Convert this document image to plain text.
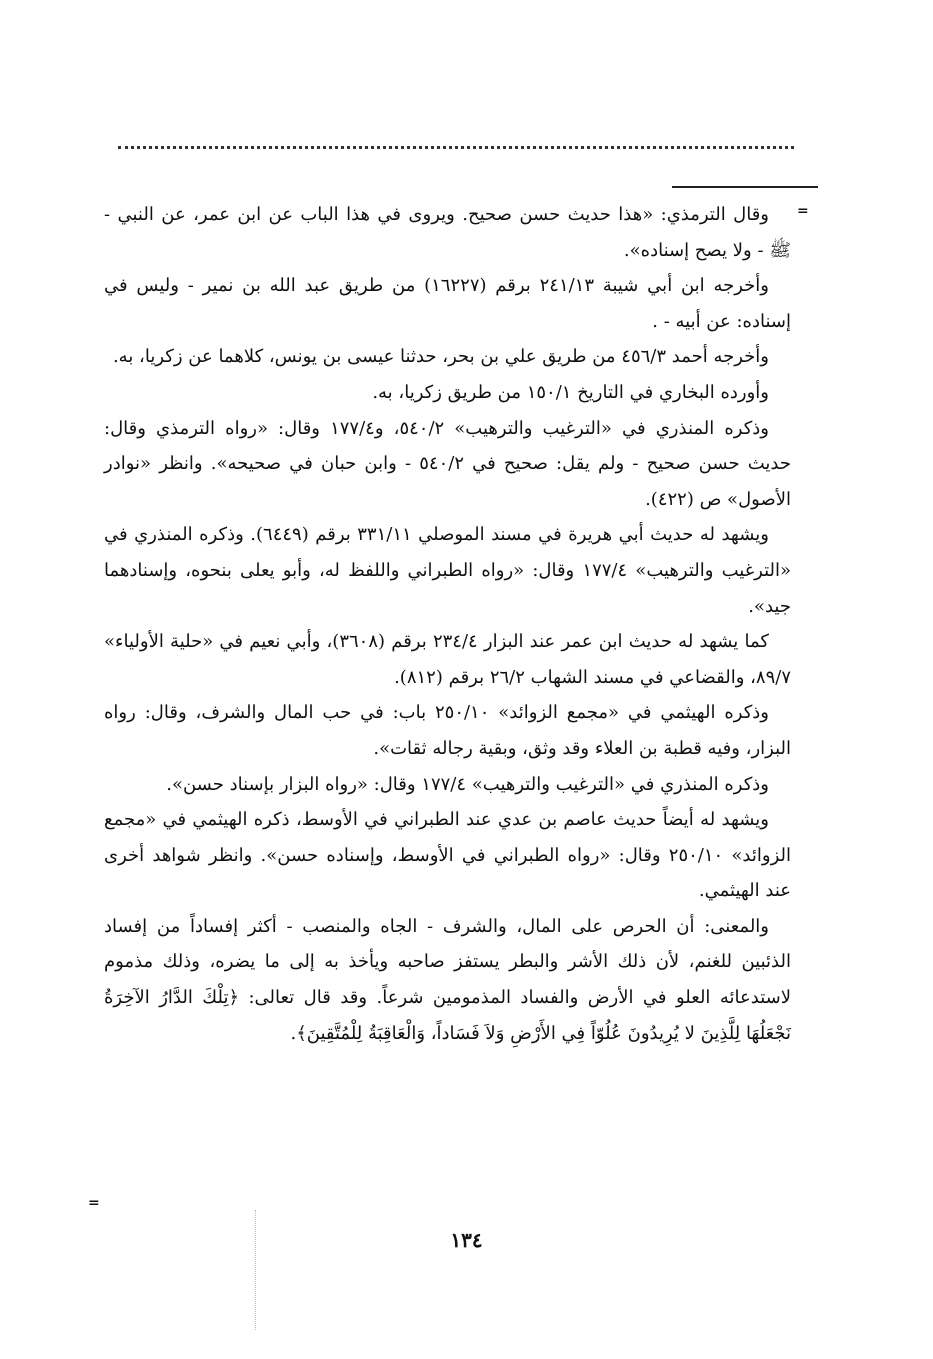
=

وقال الترمذي: «هذا حديث حسن صحيح. ويروى في هذا الباب عن ابن عمر، عن النبي - ﷺ - ولا يصح إسناده».

وأخرجه ابن أبي شيبة ٢٤١/١٣ برقم (١٦٢٢٧) من طريق عبد الله بن نمير - وليس في إسناده: عن أبيه - .

وأخرجه أحمد ٤٥٦/٣ من طريق علي بن بحر، حدثنا عيسى بن يونس، كلاهما عن زكريا، به.

وأورده البخاري في التاريخ ١٥٠/١ من طريق زكريا، به.

وذكره المنذري في «الترغيب والترهيب» ٥٤٠/٢، و١٧٧/٤ وقال: «رواه الترمذي وقال: حديث حسن صحيح - ولم يقل: صحيح في ٥٤٠/٢ - وابن حبان في صحيحه». وانظر «نوادر الأصول» ص (٤٢٢).

ويشهد له حديث أبي هريرة في مسند الموصلي ٣٣١/١١ برقم (٦٤٤٩). وذكره المنذري في «الترغيب والترهيب» ١٧٧/٤ وقال: «رواه الطبراني واللفظ له، وأبو يعلى بنحوه، وإسنادهما جيد».

كما يشهد له حديث ابن عمر عند البزار ٢٣٤/٤ برقم (٣٦٠٨)، وأبي نعيم في «حلية الأولياء» ٨٩/٧، والقضاعي في مسند الشهاب ٢٦/٢ برقم (٨١٢).

وذكره الهيثمي في «مجمع الزوائد» ٢٥٠/١٠ باب: في حب المال والشرف، وقال: رواه البزار، وفيه قطبة بن العلاء وقد وثق، وبقية رجاله ثقات».

وذكره المنذري في «الترغيب والترهيب» ١٧٧/٤ وقال: «رواه البزار بإسناد حسن».

ويشهد له أيضاً حديث عاصم بن عدي عند الطبراني في الأوسط، ذكره الهيثمي في «مجمع الزوائد» ٢٥٠/١٠ وقال: «رواه الطبراني في الأوسط، وإسناده حسن». وانظر شواهد أخرى عند الهيثمي.

والمعنى: أن الحرص على المال، والشرف - الجاه والمنصب - أكثر إفساداً من إفساد الذئبين للغنم، لأن ذلك الأشر والبطر يستفز صاحبه ويأخذ به إلى ما يضره، وذلك مذموم لاستدعائه العلو في الأرض والفساد المذمومين شرعاً. وقد قال تعالى: ﴿تِلْكَ الدَّارُ الآخِرَةُ نَجْعَلُهَا لِلَّذِينَ لا يُرِيدُونَ عُلُوّاً فِي الأَرْضِ وَلاَ فَسَاداً، وَالْعَاقِبَةُ لِلْمُتَّقِينَ﴾.

=
١٣٤
